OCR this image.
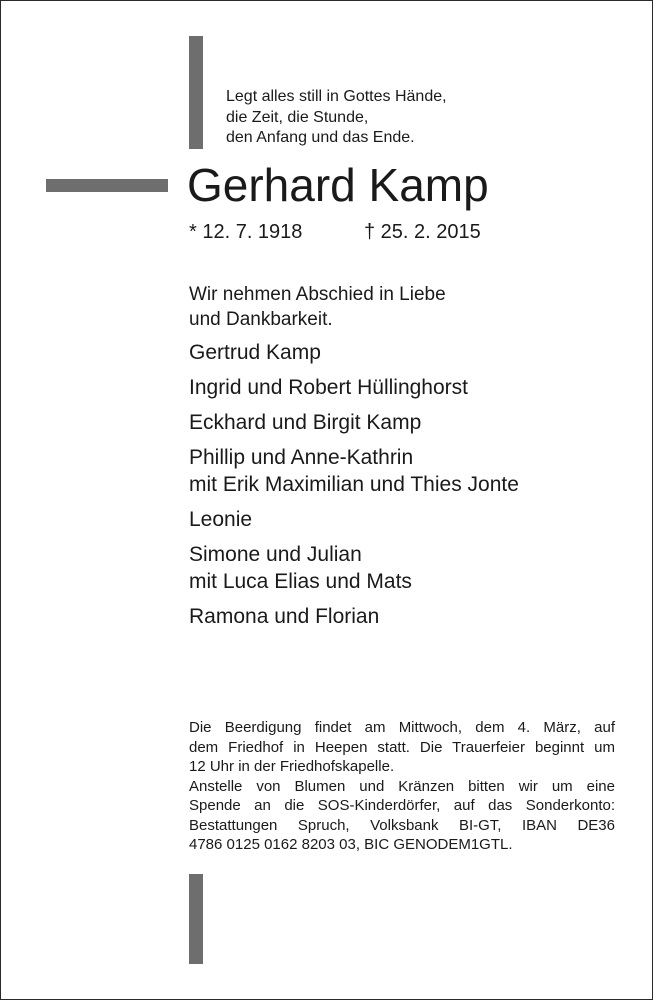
Legt alles still in Gottes Hände,
die Zeit, die Stunde,
den Anfang und das Ende.
Gerhard Kamp
* 12. 7. 1918	† 25. 2. 2015
Wir nehmen Abschied in Liebe
und Dankbarkeit.
Gertrud Kamp
Ingrid und Robert Hüllinghorst
Eckhard und Birgit Kamp
Phillip und Anne-Kathrin
mit Erik Maximilian und Thies Jonte
Leonie
Simone und Julian
mit Luca Elias und Mats
Ramona und Florian

Die Beerdigung findet am Mittwoch, dem 4. März, auf

dem Friedhof in Heepen statt. Die Trauerfeier beginnt um

12 Uhr in der Friedhofskapelle.

Anstelle von Blumen und Kränzen bitten wir um eine

Spende an die SOS-Kinderdörfer, auf das Sonderkonto:

Bestattungen Spruch, Volksbank BI-GT, IBAN DE36

4786 0125 0162 8203 03, BIC GENODEM1GTL.
